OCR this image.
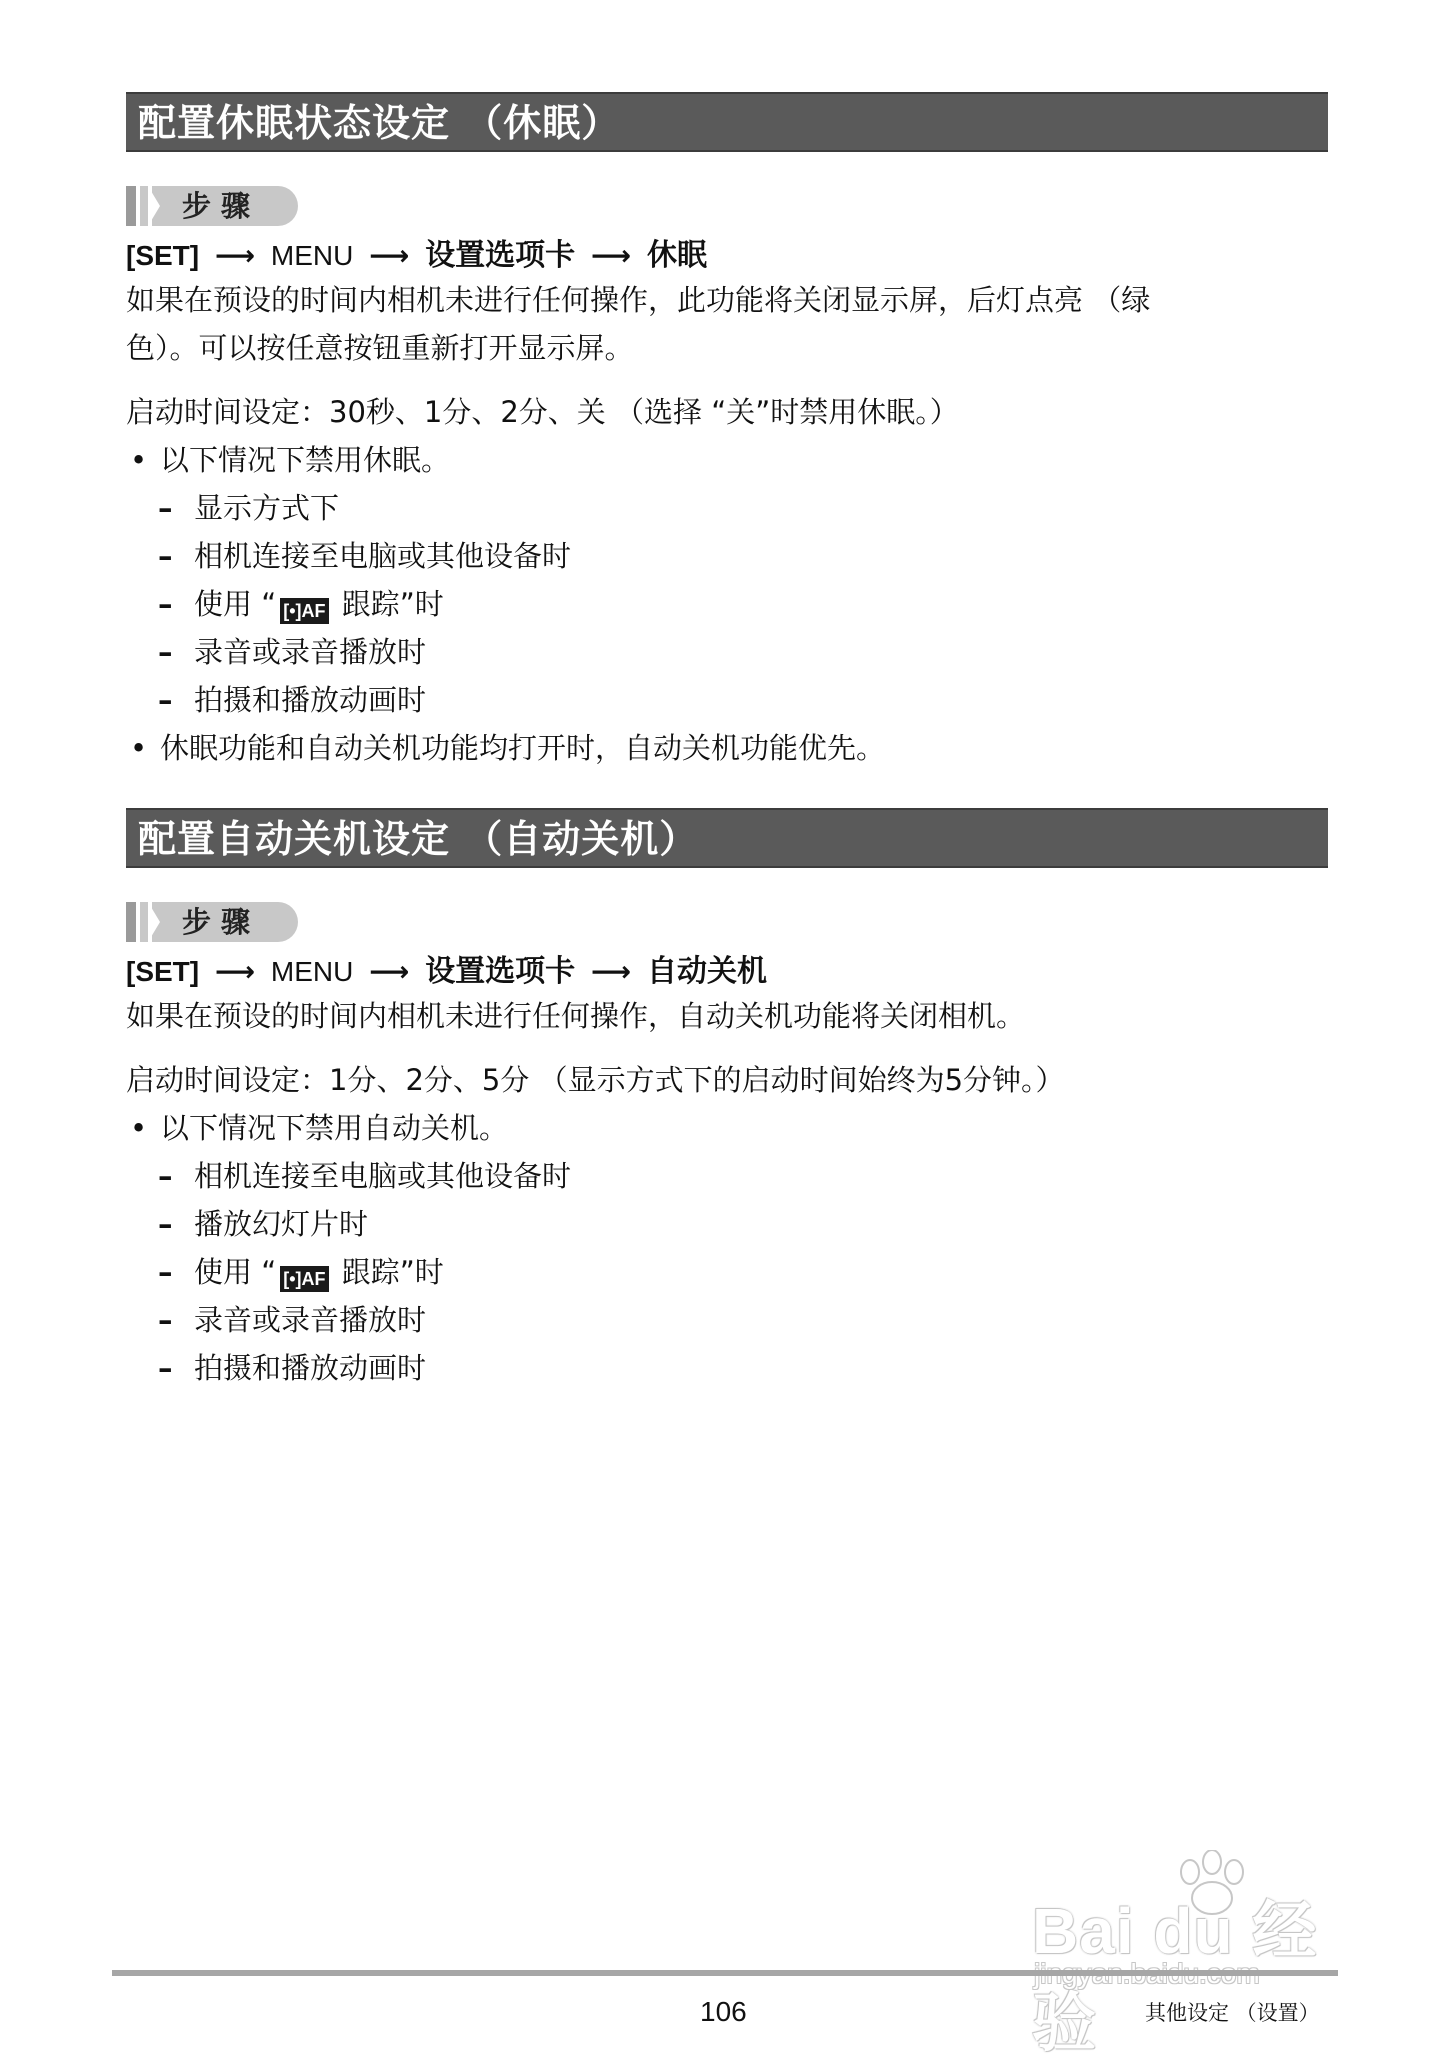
配置休眠状态设定 （休眠）
步骤
[SET] ⟶ MENU ⟶ 设置选项卡 ⟶ 休眠
如果在预设的时间内相机未进行任何操作，此功能将关闭显示屏，后灯点亮 （绿
色）。可以按任意按钮重新打开显示屏。
启动时间设定：30秒、1分、2分、关 （选择 “关”时禁用休眠。）
• 以下情况下禁用休眠。
– 显示方式下
– 相机连接至电脑或其他设备时
– 使用 “ [•]AF 跟踪”时
– 录音或录音播放时
– 拍摄和播放动画时
• 休眠功能和自动关机功能均打开时，自动关机功能优先。
配置自动关机设定 （自动关机）
步骤
[SET] ⟶ MENU ⟶ 设置选项卡 ⟶ 自动关机
如果在预设的时间内相机未进行任何操作，自动关机功能将关闭相机。
启动时间设定：1分、2分、5分 （显示方式下的启动时间始终为5分钟。）
• 以下情况下禁用自动关机。
– 相机连接至电脑或其他设备时
– 播放幻灯片时
– 使用 “ [•]AF 跟踪”时
– 录音或录音播放时
– 拍摄和播放动画时
Bai du 经验
106	其他设定 （设置）
